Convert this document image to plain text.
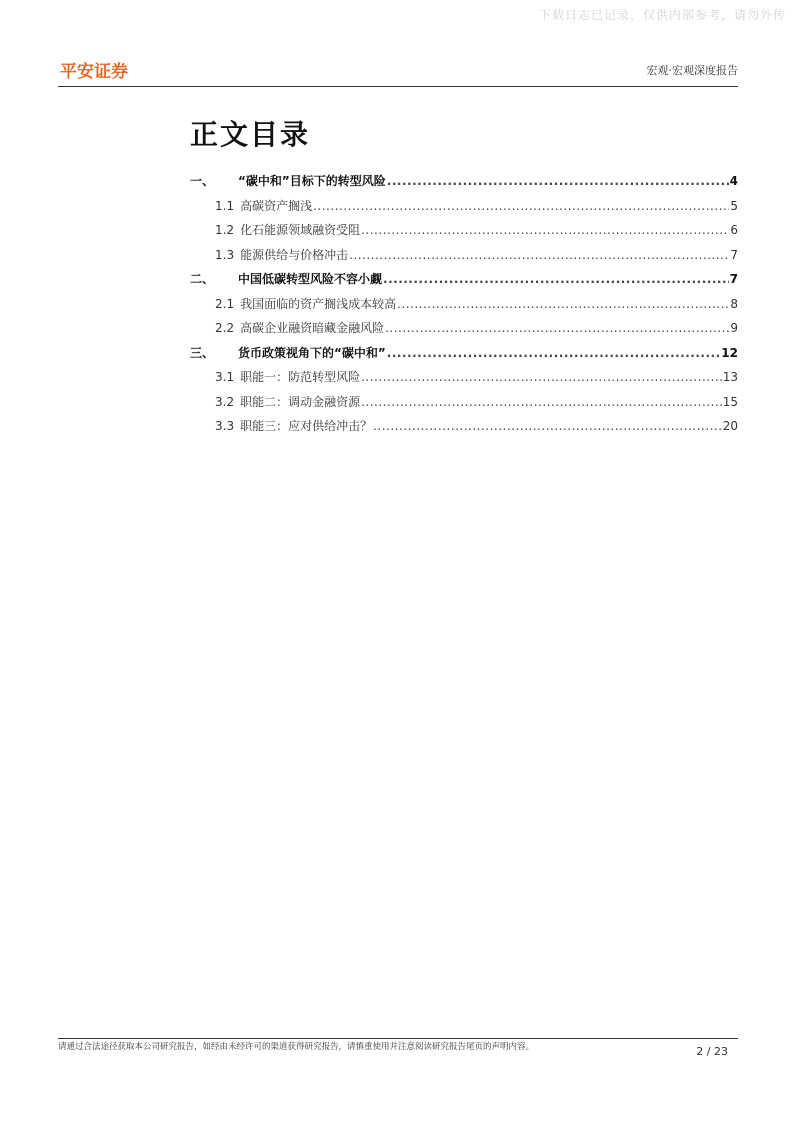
下载日志已记录，仅供内部参考，请勿外传
平安证券	宏观·宏观深度报告
正文目录
一、	“碳中和”目标下的转型风险 .....	4
1.1 高碳资产搁浅 .....	5
1.2 化石能源领域融资受阻 .....	6
1.3 能源供给与价格冲击 .....	7
二、	中国低碳转型风险不容小觑 .....	7
2.1 我国面临的资产搁浅成本较高 .....	8
2.2 高碳企业融资暗藏金融风险 .....	9
三、	货币政策视角下的“碳中和” .....	12
3.1 职能一：防范转型风险 .....	13
3.2 职能二：调动金融资源 .....	15
3.3 职能三：应对供给冲击？ .....	20
请通过合法途径获取本公司研究报告，如经由未经许可的渠道获得研究报告，请慎重使用并注意阅读研究报告尾页的声明内容。	2 / 23
